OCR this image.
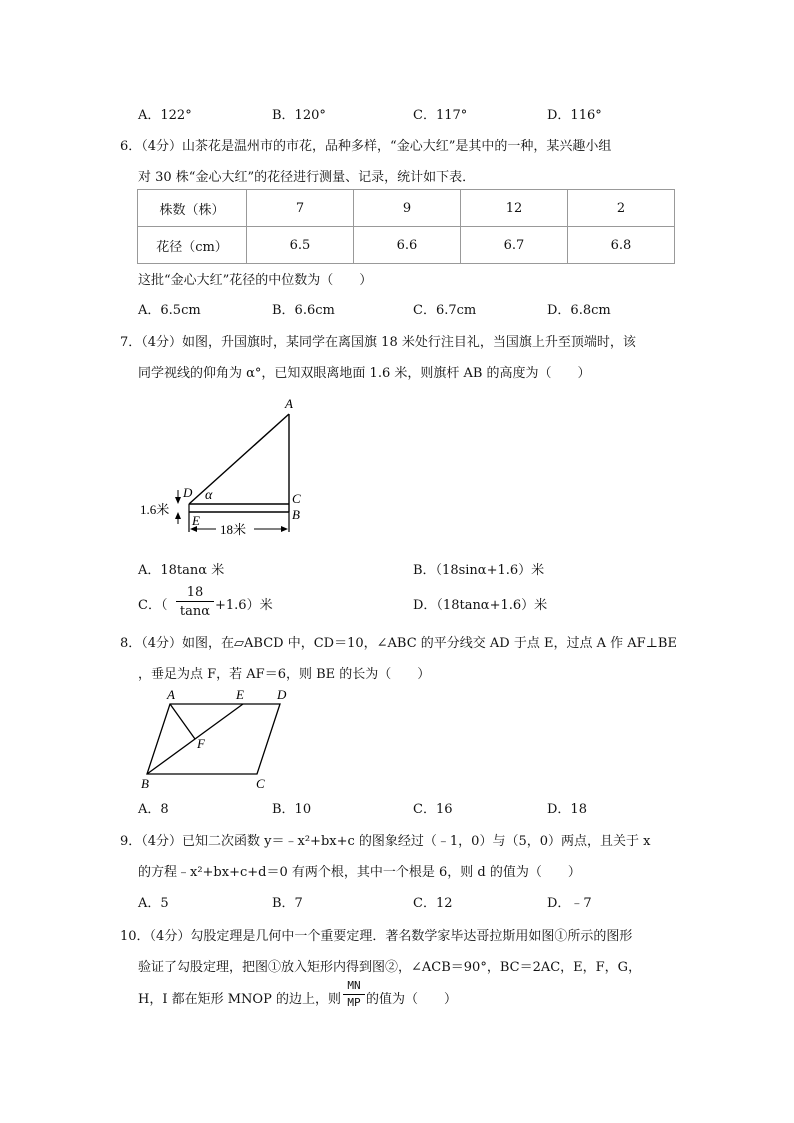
A．122°	B．120°	C．117°	D．116°
6．（4分）山茶花是温州市的市花，品种多样，“金心大红”是其中的一种，某兴趣小组
对 30 株“金心大红”的花径进行测量、记录，统计如下表．
株数（株）	7	9	12	2
花径（cm）	6.5	6.6	6.7	6.8
这批“金心大红”花径的中位数为（　　）
A．6.5cm	B．6.6cm	C．6.7cm	D．6.8cm
7．（4分）如图，升国旗时，某同学在离国旗 18 米处行注目礼，当国旗上升至顶端时，该
同学视线的仰角为 α°，已知双眼离地面 1.6 米，则旗杆 AB 的高度为（　　）
A
C
B
D
E
α
1.6米
18米
A．18tanα 米	B．（18sinα+1.6）米
C．（
18
tanα +1.6）米	D．（18tanα+1.6）米
8．（4分）如图，在▱ABCD 中，CD＝10，∠ABC 的平分线交 AD 于点 E，过点 A 作 AF⊥BE
，垂足为点 F，若 AF＝6，则 BE 的长为（　　）
A	E	D
F
B	C
A．8	B．10	C．16	D．18
9．（4分）已知二次函数 y＝﹣x²+bx+c 的图象经过（﹣1，0）与（5，0）两点，且关于 x
的方程﹣x²+bx+c+d＝0 有两个根，其中一个根是 6，则 d 的值为（　　）
A．5	B．7	C．12	D．﹣7
10．（4分）勾股定理是几何中一个重要定理．著名数学家毕达哥拉斯用如图①所示的图形
验证了勾股定理，把图①放入矩形内得到图②，∠ACB＝90°，BC＝2AC，E，F，G，
H，I 都在矩形 MNOP 的边上，则
MN
MP 的值为（　　）
